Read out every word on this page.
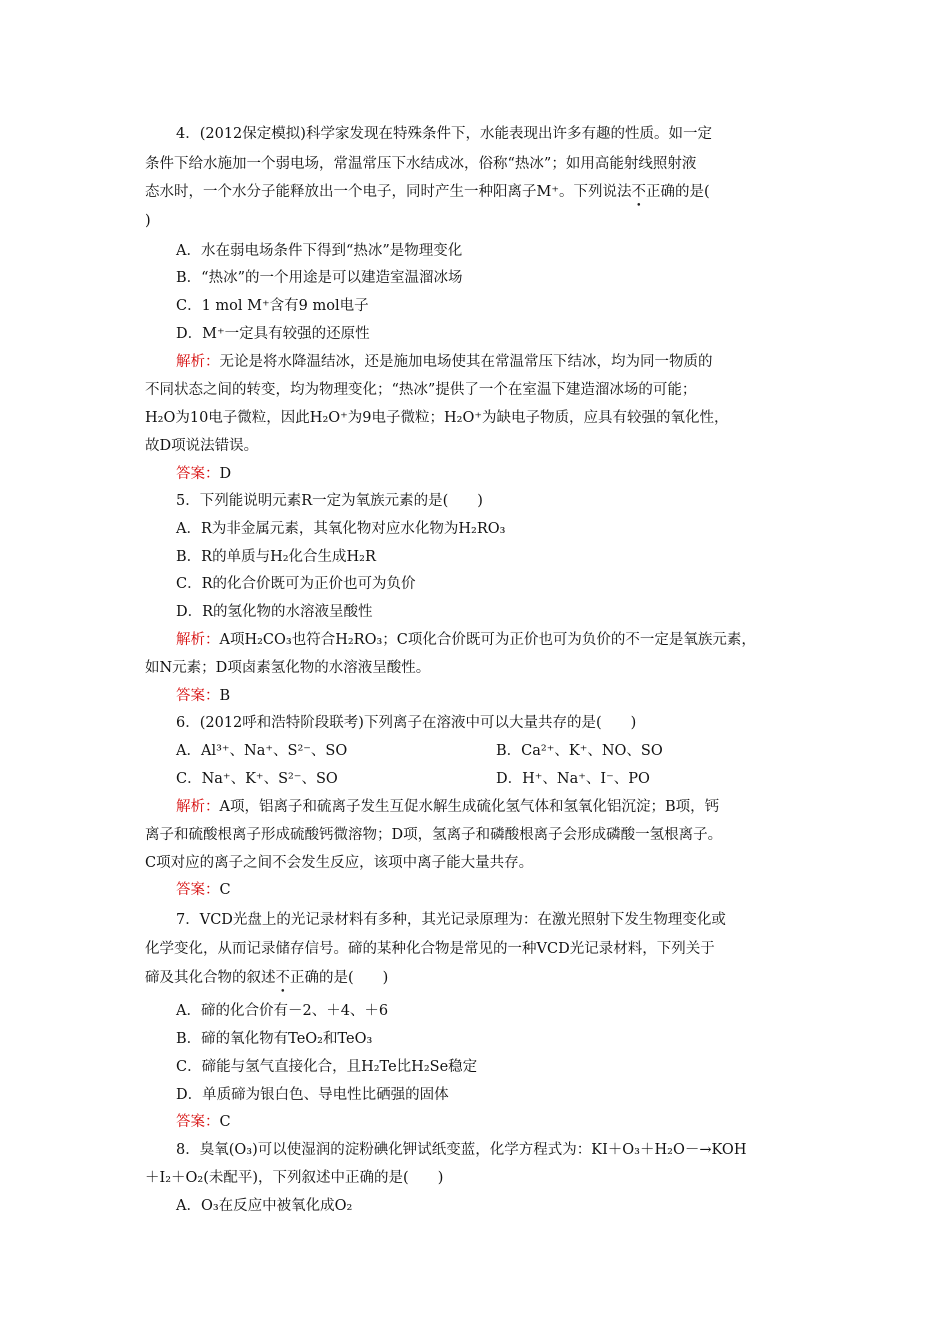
4．(2012保定模拟)科学家发现在特殊条件下，水能表现出许多有趣的性质。如一定
条件下给水施加一个弱电场，常温常压下水结成冰，俗称“热冰”；如用高能射线照射液
态水时，一个水分子能释放出一个电子，同时产生一种阳离子M⁺。下列说法不正确的是(
)
A．水在弱电场条件下得到“热冰”是物理变化
B．“热冰”的一个用途是可以建造室温溜冰场
C．1 mol M⁺含有9 mol电子
D．M⁺一定具有较强的还原性
解析：无论是将水降温结冰，还是施加电场使其在常温常压下结冰，均为同一物质的
不同状态之间的转变，均为物理变化；“热冰”提供了一个在室温下建造溜冰场的可能；
H₂O为10电子微粒，因此H₂O⁺为9电子微粒；H₂O⁺为缺电子物质，应具有较强的氧化性，
故D项说法错误。
答案：D
5．下列能说明元素R一定为氧族元素的是(　　)
A．R为非金属元素，其氧化物对应水化物为H₂RO₃
B．R的单质与H₂化合生成H₂R
C．R的化合价既可为正价也可为负价
D．R的氢化物的水溶液呈酸性
解析：A项H₂CO₃也符合H₂RO₃；C项化合价既可为正价也可为负价的不一定是氧族元素，
如N元素；D项卤素氢化物的水溶液呈酸性。
答案：B
6．(2012呼和浩特阶段联考)下列离子在溶液中可以大量共存的是(　　)
A．Al³⁺、Na⁺、S²⁻、SO	B．Ca²⁺、K⁺、NO、SO
C．Na⁺、K⁺、S²⁻、SO	D．H⁺、Na⁺、I⁻、PO
解析：A项，铝离子和硫离子发生互促水解生成硫化氢气体和氢氧化铝沉淀；B项，钙
离子和硫酸根离子形成硫酸钙微溶物；D项，氢离子和磷酸根离子会形成磷酸一氢根离子。
C项对应的离子之间不会发生反应，该项中离子能大量共存。
答案：C
7．VCD光盘上的光记录材料有多种，其光记录原理为：在激光照射下发生物理变化或
化学变化，从而记录储存信号。碲的某种化合物是常见的一种VCD光记录材料，下列关于
碲及其化合物的叙述不正确的是(　　)
A．碲的化合价有－2、＋4、＋6
B．碲的氧化物有TeO₂和TeO₃
C．碲能与氢气直接化合，且H₂Te比H₂Se稳定
D．单质碲为银白色、导电性比硒强的固体
答案：C
8．臭氧(O₃)可以使湿润的淀粉碘化钾试纸变蓝，化学方程式为：KI＋O₃＋H₂O－→KOH
＋I₂＋O₂(未配平)，下列叙述中正确的是(　　)
A．O₃在反应中被氧化成O₂
